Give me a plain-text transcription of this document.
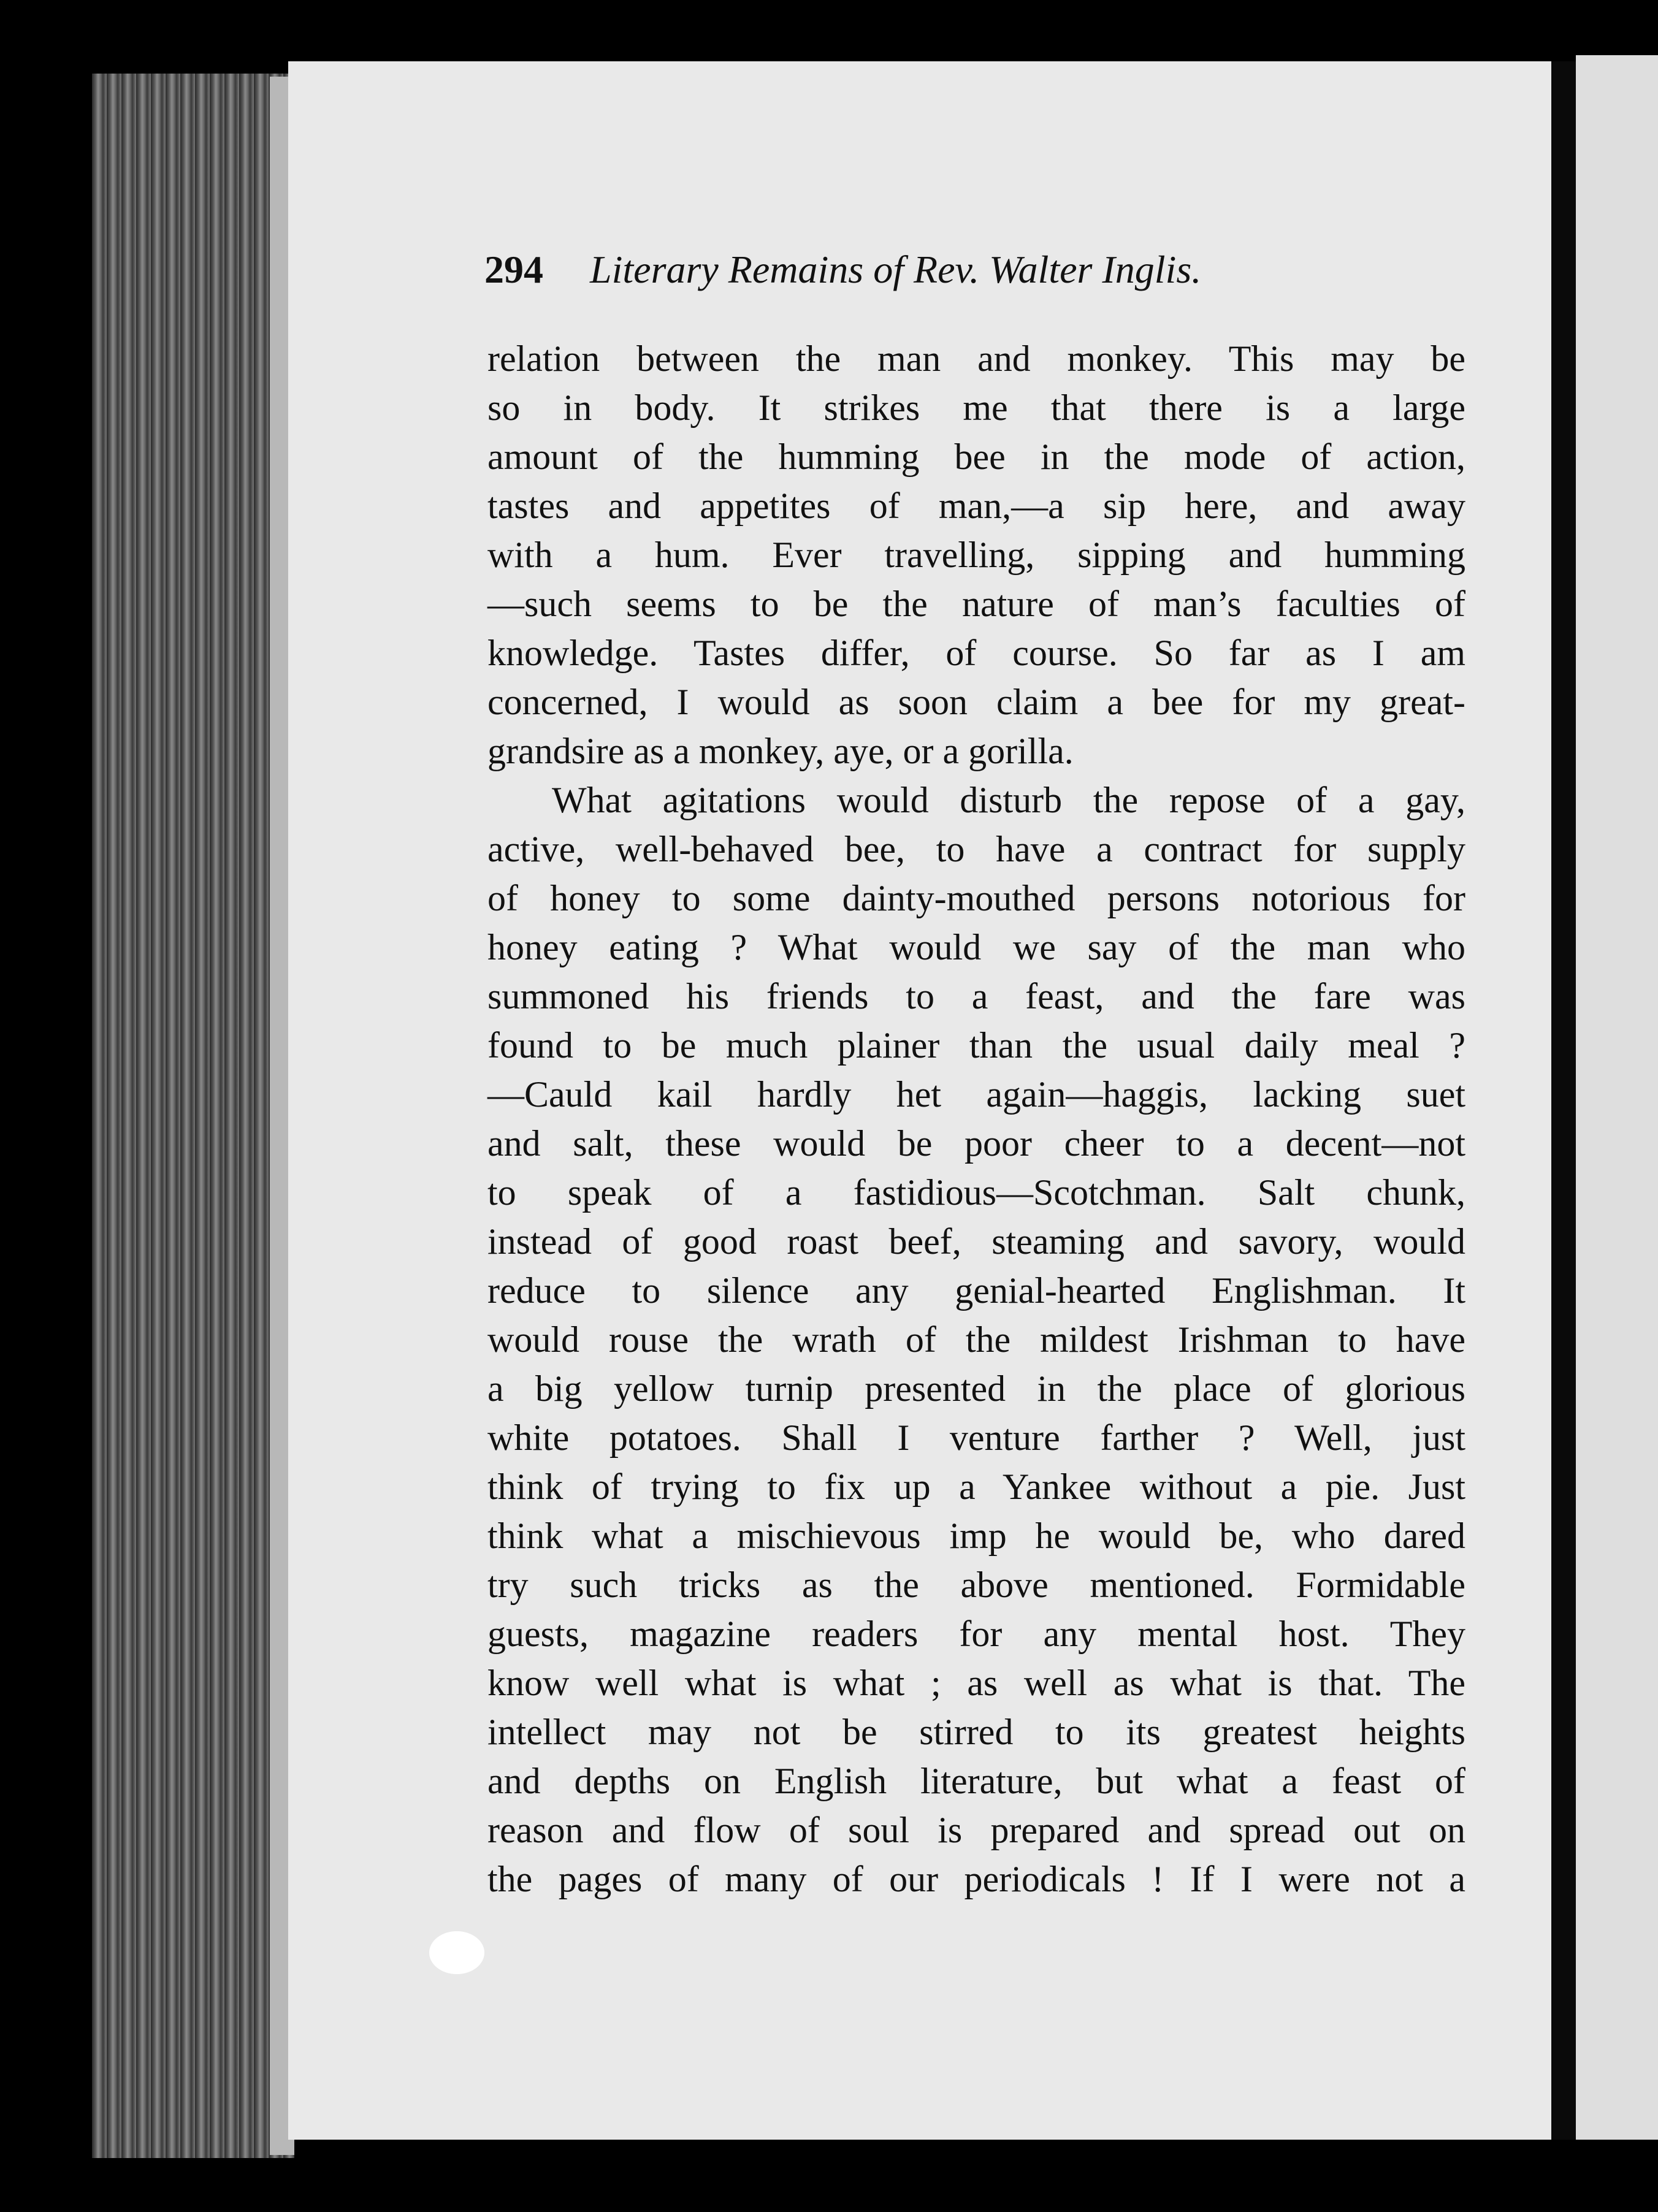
294 Literary Remains of Rev. Walter Inglis.
relation between the man and monkey. This may be
so in body. It strikes me that there is a large
amount of the humming bee in the mode of action,
tastes and appetites of man,—a sip here, and away
with a hum. Ever travelling, sipping and humming
—such seems to be the nature of man’s faculties of
knowledge. Tastes differ, of course. So far as I am
concerned, I would as soon claim a bee for my great-
grandsire as a monkey, aye, or a gorilla.
What agitations would disturb the repose of a gay,
active, well-behaved bee, to have a contract for supply
of honey to some dainty-mouthed persons notorious for
honey eating ? What would we say of the man who
summoned his friends to a feast, and the fare was
found to be much plainer than the usual daily meal ?
—Cauld kail hardly het again—haggis, lacking suet
and salt, these would be poor cheer to a decent—not
to speak of a fastidious—Scotchman. Salt chunk,
instead of good roast beef, steaming and savory, would
reduce to silence any genial-hearted Englishman. It
would rouse the wrath of the mildest Irishman to have
a big yellow turnip presented in the place of glorious
white potatoes. Shall I venture farther ? Well, just
think of trying to fix up a Yankee without a pie. Just
think what a mischievous imp he would be, who dared
try such tricks as the above mentioned. Formidable
guests, magazine readers for any mental host. They
know well what is what ; as well as what is that. The
intellect may not be stirred to its greatest heights
and depths on English literature, but what a feast of
reason and flow of soul is prepared and spread out on
the pages of many of our periodicals ! If I were not a
